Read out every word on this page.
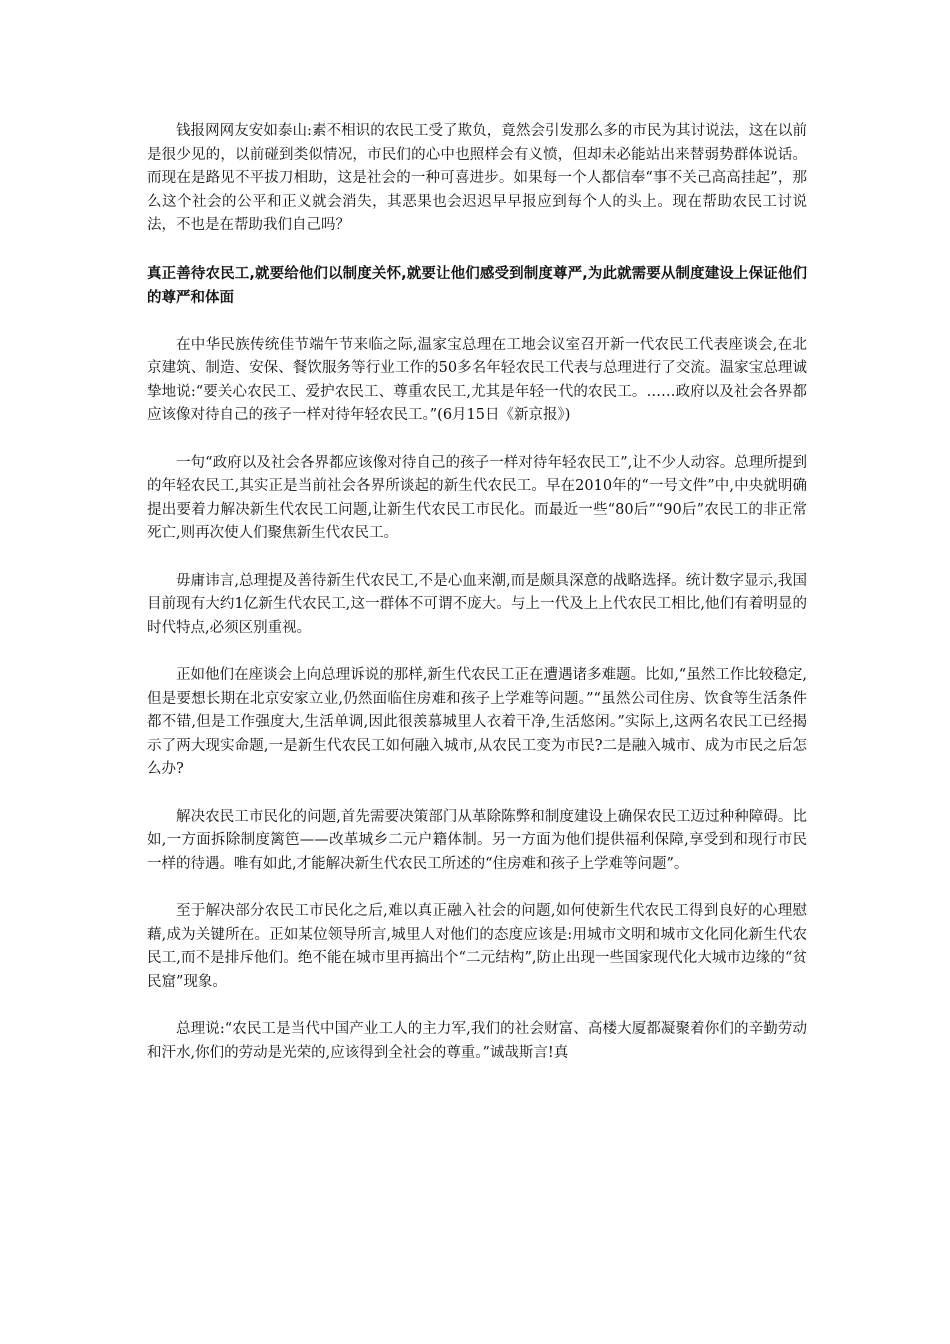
钱报网网友安如泰山:素不相识的农民工受了欺负，竟然会引发那么多的市民为其讨说法，这在以前是很少见的，以前碰到类似情况，市民们的心中也照样会有义愤，但却未必能站出来替弱势群体说话。而现在是路见不平拔刀相助，这是社会的一种可喜进步。如果每一个人都信奉“事不关己高高挂起”，那么这个社会的公平和正义就会消失，其恶果也会迟迟早早报应到每个人的头上。现在帮助农民工讨说法，不也是在帮助我们自己吗？

真正善待农民工,就要给他们以制度关怀,就要让他们感受到制度尊严,为此就需要从制度建设上保证他们的尊严和体面

在中华民族传统佳节端午节来临之际,温家宝总理在工地会议室召开新一代农民工代表座谈会,在北京建筑、制造、安保、餐饮服务等行业工作的50多名年轻农民工代表与总理进行了交流。温家宝总理诚挚地说:“要关心农民工、爱护农民工、尊重农民工,尤其是年轻一代的农民工。……政府以及社会各界都应该像对待自己的孩子一样对待年轻农民工。”(6月15日《新京报》)

一句“政府以及社会各界都应该像对待自己的孩子一样对待年轻农民工”,让不少人动容。总理所提到的年轻农民工,其实正是当前社会各界所谈起的新生代农民工。早在2010年的“一号文件”中,中央就明确提出要着力解决新生代农民工问题,让新生代农民工市民化。而最近一些“80后”“90后”农民工的非正常死亡,则再次使人们聚焦新生代农民工。

毋庸讳言,总理提及善待新生代农民工,不是心血来潮,而是颇具深意的战略选择。统计数字显示,我国目前现有大约1亿新生代农民工,这一群体不可谓不庞大。与上一代及上上代农民工相比,他们有着明显的时代特点,必须区别重视。

正如他们在座谈会上向总理诉说的那样,新生代农民工正在遭遇诸多难题。比如,“虽然工作比较稳定,但是要想长期在北京安家立业,仍然面临住房难和孩子上学难等问题。”“虽然公司住房、饮食等生活条件都不错,但是工作强度大,生活单调,因此很羡慕城里人衣着干净,生活悠闲。”实际上,这两名农民工已经揭示了两大现实命题,一是新生代农民工如何融入城市,从农民工变为市民?二是融入城市、成为市民之后怎么办?

解决农民工市民化的问题,首先需要决策部门从革除陈弊和制度建设上确保农民工迈过种种障碍。比如,一方面拆除制度篱笆——改革城乡二元户籍体制。另一方面为他们提供福利保障,享受到和现行市民一样的待遇。唯有如此,才能解决新生代农民工所述的“住房难和孩子上学难等问题”。

至于解决部分农民工市民化之后,难以真正融入社会的问题,如何使新生代农民工得到良好的心理慰藉,成为关键所在。正如某位领导所言,城里人对他们的态度应该是:用城市文明和城市文化同化新生代农民工,而不是排斥他们。绝不能在城市里再搞出个“二元结构”,防止出现一些国家现代化大城市边缘的“贫民窟”现象。

总理说:“农民工是当代中国产业工人的主力军,我们的社会财富、高楼大厦都凝聚着你们的辛勤劳动和汗水,你们的劳动是光荣的,应该得到全社会的尊重。”诚哉斯言!真
